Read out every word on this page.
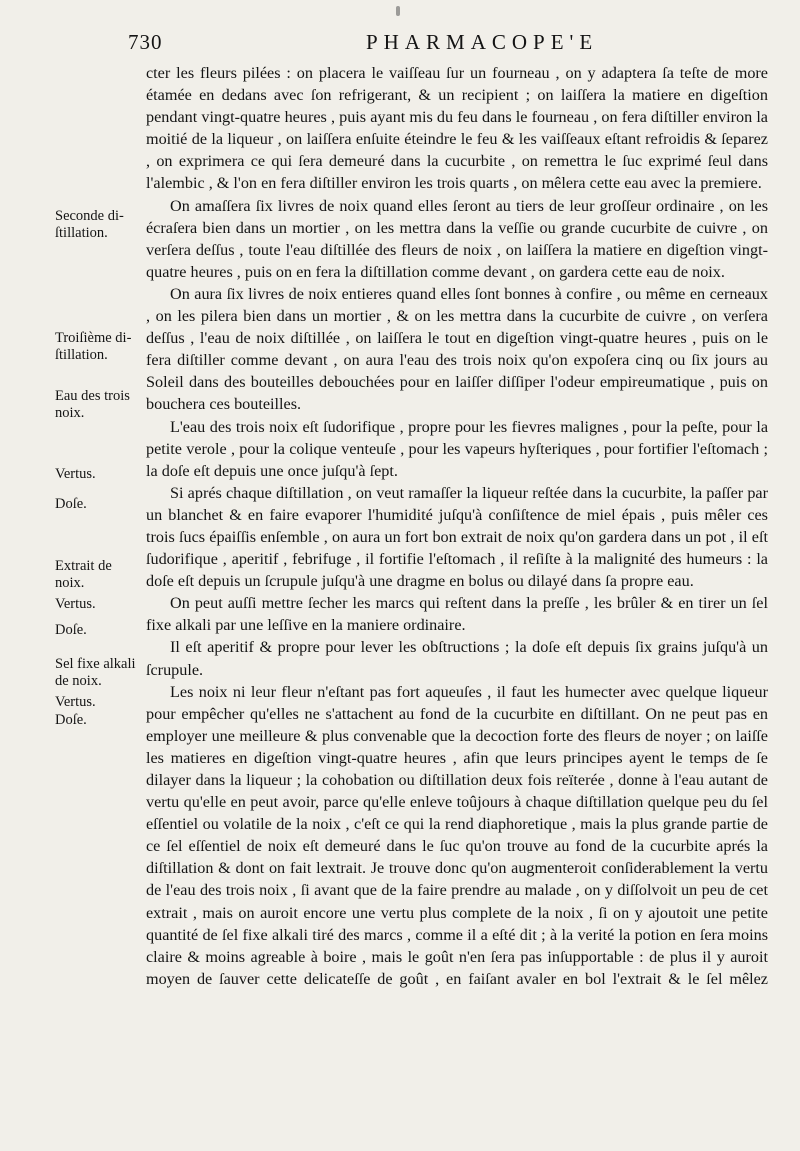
730	PHARMACOPE'E
Seconde di-
ſtillation.
Troiſième di-
ſtillation.
Eau des trois
noix.
Vertus.
Doſe.
Extrait de
noix.
Vertus.
Doſe.
Sel fixe alkali
de noix.
Vertus.
Doſe.

cter les fleurs pilées : on placera le vaiſſeau ſur un fourneau , on y adaptera ſa teſte de more étamée en dedans avec ſon refrigerant, & un recipient ; on laiſſera la matiere en digeſtion pendant vingt-quatre heures , puis ayant mis du feu dans le fourneau , on fera diſtiller environ la moitié de la liqueur , on laiſſera enſuite éteindre le feu & les vaiſſeaux eſtant refroidis & ſeparez , on exprimera ce qui ſera demeuré dans la cucurbite , on remettra le ſuc exprimé ſeul dans l'alembic , & l'on en fera diſtiller environ les trois quarts , on mêlera cette eau avec la premiere.

On amaſſera ſix livres de noix quand elles ſeront au tiers de leur groſſeur ordinaire , on les écraſera bien dans un mortier , on les mettra dans la veſſie ou grande cucurbite de cuivre , on verſera deſſus , toute l'eau diſtillée des fleurs de noix , on laiſſera la matiere en digeſtion vingt-quatre heures , puis on en fera la diſtillation comme devant , on gardera cette eau de noix.

On aura ſix livres de noix entieres quand elles ſont bonnes à confire , ou même en cerneaux , on les pilera bien dans un mortier , & on les mettra dans la cucurbite de cuivre , on verſera deſſus , l'eau de noix diſtillée , on laiſſera le tout en digeſtion vingt-quatre heures , puis on le fera diſtiller comme devant , on aura l'eau des trois noix qu'on expoſera cinq ou ſix jours au Soleil dans des bouteilles debouchées pour en laiſſer diſſiper l'odeur empireumatique , puis on bouchera ces bouteilles.

L'eau des trois noix eſt ſudorifique , propre pour les fievres malignes , pour la peſte, pour la petite verole , pour la colique venteuſe , pour les vapeurs hyſteriques , pour fortifier l'eſtomach ; la doſe eſt depuis une once juſqu'à ſept.

Si aprés chaque diſtillation , on veut ramaſſer la liqueur reſtée dans la cucurbite, la paſſer par un blanchet & en faire evaporer l'humidité juſqu'à conſiſtence de miel épais , puis mêler ces trois ſucs épaiſſis enſemble , on aura un fort bon extrait de noix qu'on gardera dans un pot , il eſt ſudorifique , aperitif , febrifuge , il fortifie l'eſtomach , il reſiſte à la malignité des humeurs : la doſe eſt depuis un ſcrupule juſqu'à une dragme en bolus ou dilayé dans ſa propre eau.

On peut auſſi mettre ſecher les marcs qui reſtent dans la preſſe , les brûler & en tirer un ſel fixe alkali par une leſſive en la maniere ordinaire.

Il eſt aperitif & propre pour lever les obſtructions ; la doſe eſt depuis ſix grains juſqu'à un ſcrupule.

Les noix ni leur fleur n'eſtant pas fort aqueuſes , il faut les humecter avec quelque liqueur pour empêcher qu'elles ne s'attachent au fond de la cucurbite en diſtillant. On ne peut pas en employer une meilleure & plus convenable que la decoction forte des fleurs de noyer ; on laiſſe les matieres en digeſtion vingt-quatre heures , afin que leurs principes ayent le temps de ſe dilayer dans la liqueur ; la cohobation ou diſtillation deux fois reïterée , donne à l'eau autant de vertu qu'elle en peut avoir, parce qu'elle enleve toûjours à chaque diſtillation quelque peu du ſel eſſentiel ou volatile de la noix , c'eſt ce qui la rend diaphoretique , mais la plus grande partie de ce ſel eſſentiel de noix eſt demeuré dans le ſuc qu'on trouve au fond de la cucurbite aprés la diſtillation & dont on fait lextrait. Je trouve donc qu'on augmenteroit conſiderablement la vertu de l'eau des trois noix , ſi avant que de la faire prendre au malade , on y diſſolvoit un peu de cet extrait , mais on auroit encore une vertu plus complete de la noix , ſi on y ajoutoit une petite quantité de ſel fixe alkali tiré des marcs , comme il a eſté dit ; à la verité la potion en ſera moins claire & moins agreable à boire , mais le goût n'en ſera pas inſupportable : de plus il y auroit moyen de ſauver cette delicateſſe de goût , en faiſant avaler en bol l'extrait & le ſel mêlez
